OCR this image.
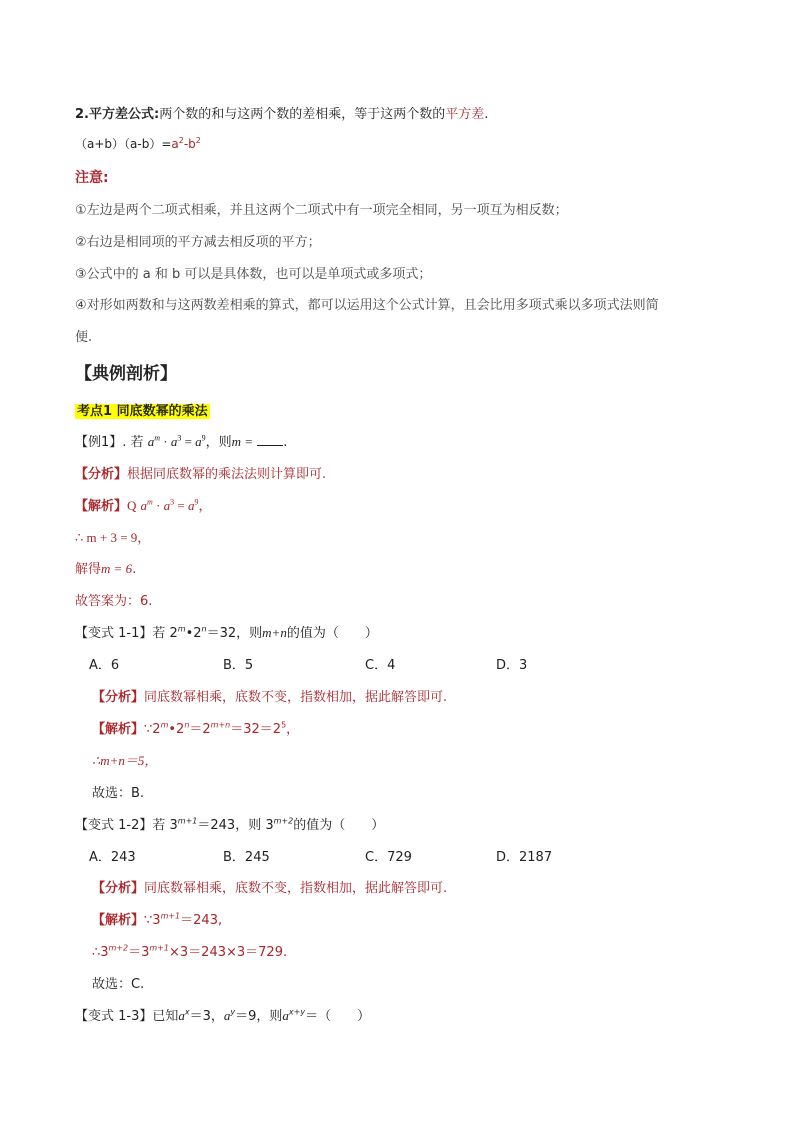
2.平方差公式:两个数的和与这两个数的差相乘，等于这两个数的平方差.
$(a+b)(a-b)=a^2-b^2$
注意:
①左边是两个二项式相乘，并且这两个二项式中有一项完全相同，另一项互为相反数；
②右边是相同项的平方减去相反项的平方；
③公式中的 a 和 b 可以是具体数，也可以是单项式或多项式；
④对形如两数和与这两数差相乘的算式，都可以运用这个公式计算，且会比用多项式乘以多项式法则简
便.
【典例剖析】
考点1 同底数幂的乘法
【例1】. 若 $a^m \cdot a^3 = a^9$，则m = .
【分析】根据同底数幂的乘法法则计算即可.
【解析】Q $a^m \cdot a^3 = a^9$，
∴ m + 3 = 9，
解得m = 6.
故答案为：6.
【变式 1-1】若 $2^m•2^n=32$，则m+n的值为（　　）
A．6	B．5	C．4	D．3
【分析】同底数幂相乘，底数不变，指数相加，据此解答即可.
【解析】$\because 2^m•2^n=2^{m+n}=32=2^5$，
∴m+n＝5，
故选：B.
【变式 1-2】若 $3^{m+1}=243$，则 $3^{m+2}$的值为（　　）
A．243	B．245	C．729	D．2187
【分析】同底数幂相乘，底数不变，指数相加，据此解答即可.
【解析】$\because 3^{m+1}=243$,
$\therefore 3^{m+2}=3^{m+1}\times 3=243\times 3=729$.
故选：C.
【变式 1-3】已知$a^x=3$，$a^y=9$，则$a^{x+y}=$（　　）
